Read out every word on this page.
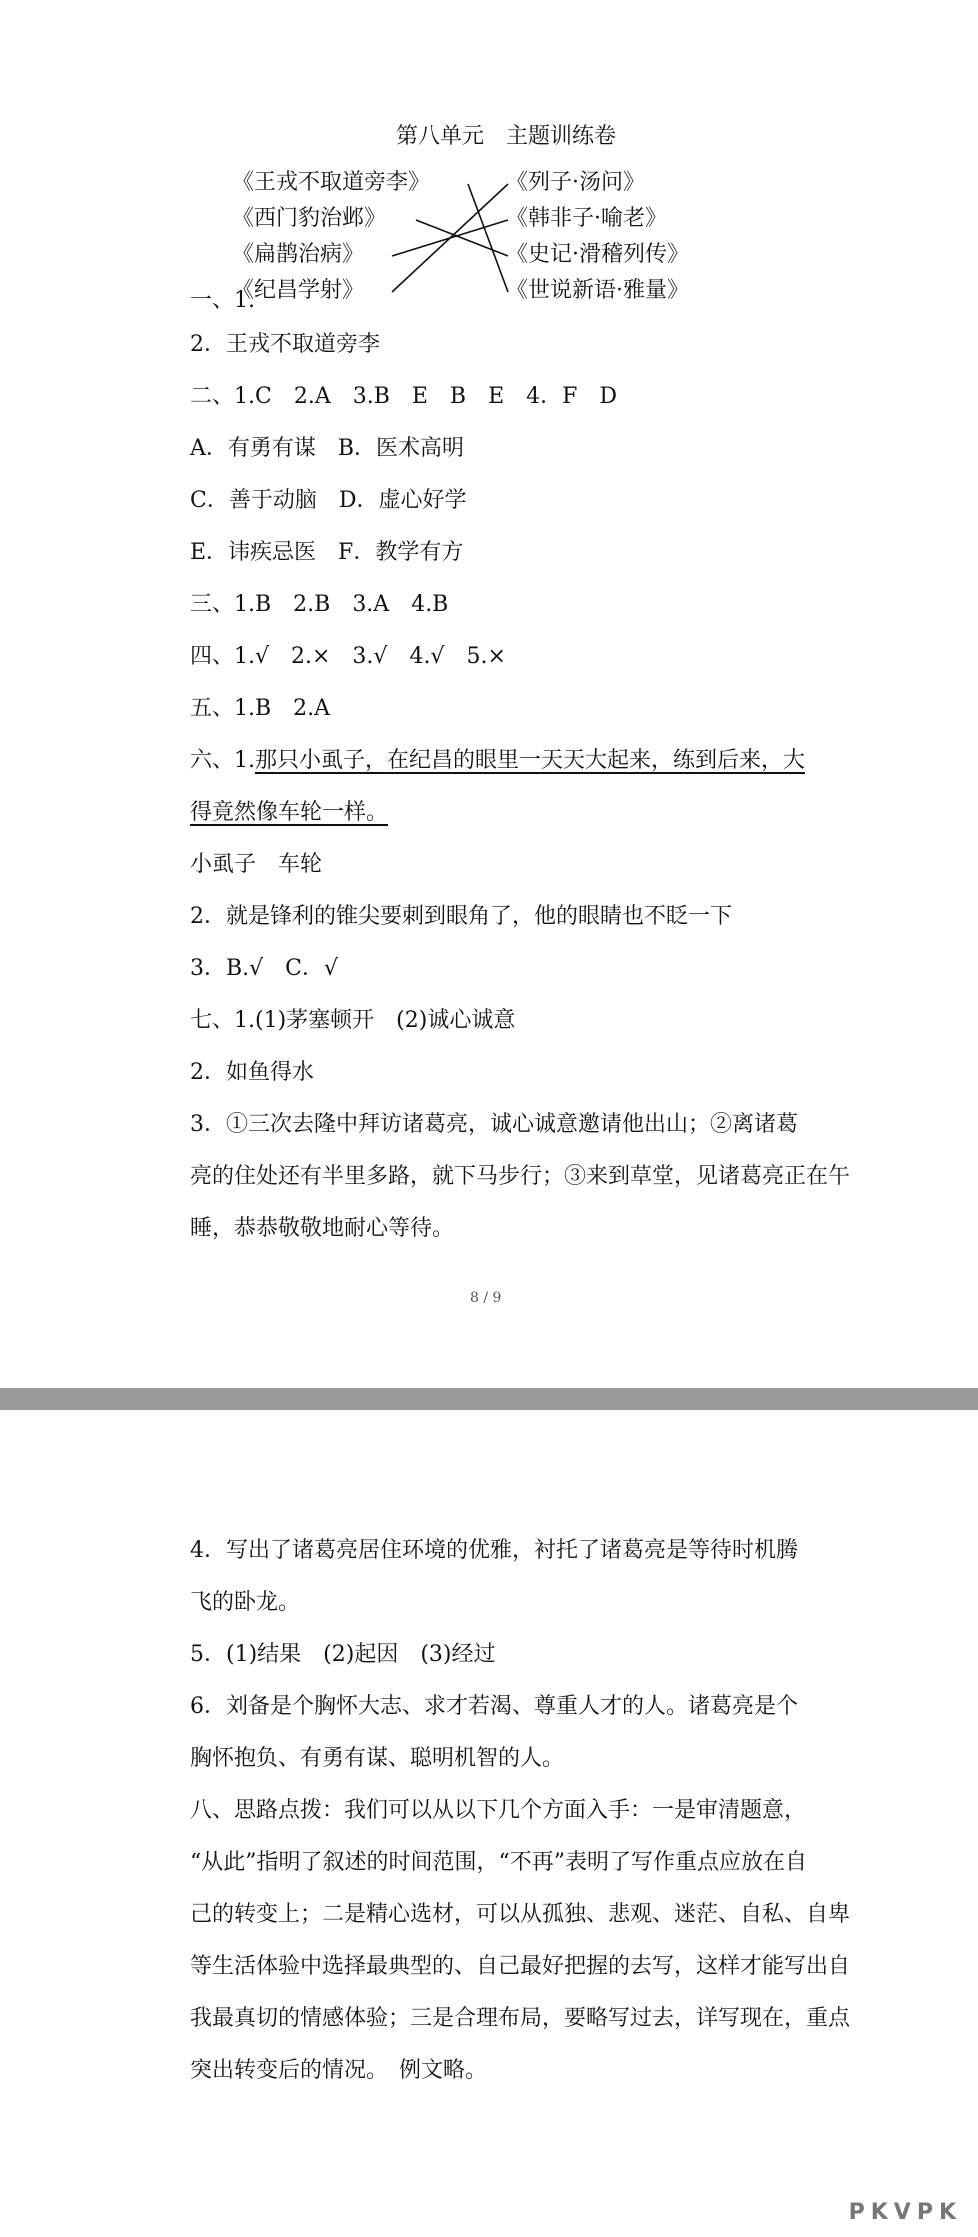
第八单元　主题训练卷
《王戎不取道旁李》
《西门豹治邺》
《扁鹊治病》
《纪昌学射》
《列子·汤问》
《韩非子·喻老》
《史记·滑稽列传》
《世说新语·雅量》
一、1.
2．王戎不取道旁李
二、1.C　2.A　3.B　E　B　E　4．F　D
A．有勇有谋　B．医术高明
C．善于动脑　D．虚心好学
E．讳疾忌医　F．教学有方
三、1.B　2.B　3.A　4.B
四、1.√　2.×　3.√　4.√　5.×
五、1.B　2.A
六、1.那只小虱子，在纪昌的眼里一天天大起来，练到后来，大
得竟然像车轮一样。
小虱子　车轮
2．就是锋利的锥尖要刺到眼角了，他的眼睛也不眨一下
3．B.√　C．√
七、1.(1)茅塞顿开　(2)诚心诚意
2．如鱼得水
3．①三次去隆中拜访诸葛亮，诚心诚意邀请他出山；②离诸葛
亮的住处还有半里多路，就下马步行；③来到草堂，见诸葛亮正在午
睡，恭恭敬敬地耐心等待。
8 / 9
4．写出了诸葛亮居住环境的优雅，衬托了诸葛亮是等待时机腾
飞的卧龙。
5．(1)结果　(2)起因　(3)经过
6．刘备是个胸怀大志、求才若渴、尊重人才的人。诸葛亮是个
胸怀抱负、有勇有谋、聪明机智的人。
八、思路点拨：我们可以从以下几个方面入手：一是审清题意，
“从此”指明了叙述的时间范围，“不再”表明了写作重点应放在自
己的转变上；二是精心选材，可以从孤独、悲观、迷茫、自私、自卑
等生活体验中选择最典型的、自己最好把握的去写，这样才能写出自
我最真切的情感体验；三是合理布局，要略写过去，详写现在，重点
突出转变后的情况。　例文略。
PKVPK
